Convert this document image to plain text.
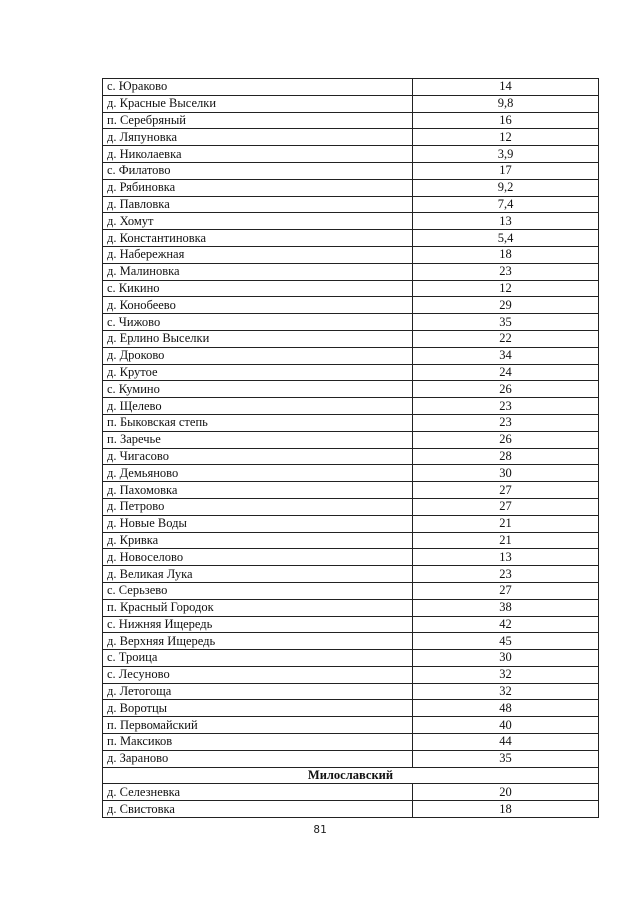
с. Юраково	14
д. Красные Выселки	9,8
п. Серебряный	16
д. Ляпуновка	12
д. Николаевка	3,9
с. Филатово	17
д. Рябиновка	9,2
д. Павловка	7,4
д. Хомут	13
д. Константиновка	5,4
д. Набережная	18
д. Малиновка	23
с. Кикино	12
д. Конобеево	29
с. Чижово	35
д. Ерлино Выселки	22
д. Дроково	34
д. Крутое	24
с. Кумино	26
д. Щелево	23
п. Быковская степь	23
п. Заречье	26
д. Чигасово	28
д. Демьяново	30
д. Пахомовка	27
д. Петрово	27
д. Новые Воды	21
д. Кривка	21
д. Новоселово	13
д. Великая Лука	23
с. Серьзево	27
п. Красный Городок	38
с. Нижняя Ищередь	42
д. Верхняя Ищередь	45
с. Троица	30
с. Лесуново	32
д. Летогоща	32
д. Воротцы	48
п. Первомайский	40
п. Максиков	44
д. Зараново	35
Милославский	
д. Селезневка	20
д. Свистовка	18
81
